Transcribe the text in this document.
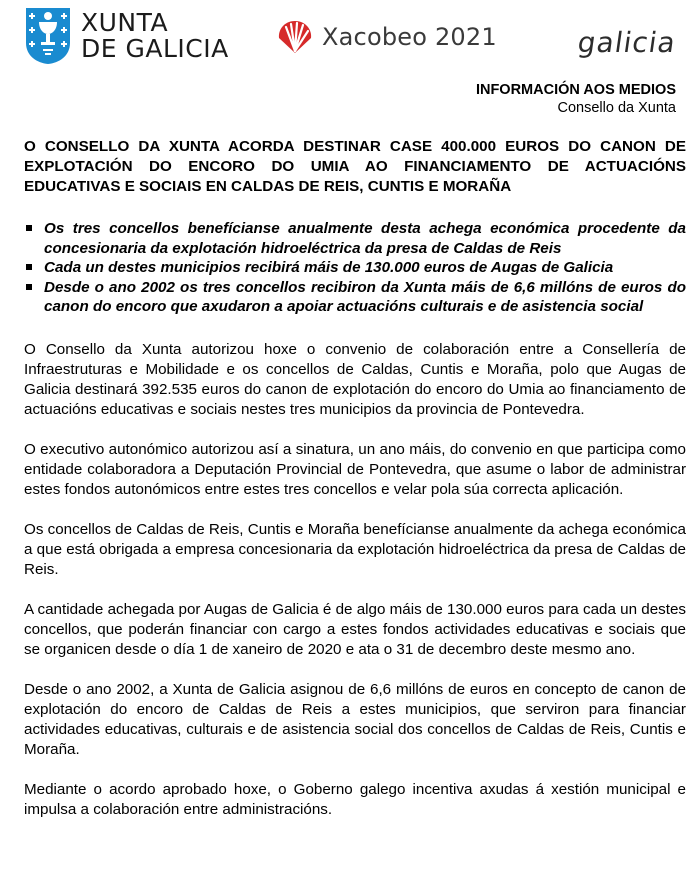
XUNTA
DE GALICIA	Xacobeo 2021	galicia
INFORMACIÓN AOS MEDIOS
Consello da Xunta
O CONSELLO DA XUNTA ACORDA DESTINAR CASE 400.000 EUROS DO CANON DE EXPLOTACIÓN DO ENCORO DO UMIA AO FINANCIAMENTO DE ACTUACIÓNS EDUCATIVAS E SOCIAIS EN CALDAS DE REIS, CUNTIS E MORAÑA
Os tres concellos benefícianse anualmente desta achega económica procedente da concesionaria da explotación hidroeléctrica da presa de Caldas de Reis
Cada un destes municipios recibirá máis de 130.000 euros de Augas de Galicia
Desde o ano 2002 os tres concellos recibiron da Xunta máis de 6,6 millóns de euros do canon do encoro que axudaron a apoiar actuacións culturais e de asistencia social

O Consello da Xunta autorizou hoxe o convenio de colaboración entre a Consellería de Infraestruturas e Mobilidade e os concellos de Caldas, Cuntis e Moraña, polo que Augas de Galicia destinará 392.535 euros do canon de explotación do encoro do Umia ao financiamento de actuacións educativas e sociais nestes tres municipios da provincia de Pontevedra.

O executivo autonómico autorizou así a sinatura, un ano máis, do convenio en que participa como entidade colaboradora a Deputación Provincial de Pontevedra, que asume o labor de administrar estes fondos autonómicos entre estes tres concellos e velar pola súa correcta aplicación.

Os concellos de Caldas de Reis, Cuntis e Moraña benefícianse anualmente da achega económica a que está obrigada a empresa concesionaria da explotación hidroeléctrica da presa de Caldas de Reis.

A cantidade achegada por Augas de Galicia é de algo máis de 130.000 euros para cada un destes concellos, que poderán financiar con cargo a estes fondos actividades educativas e sociais que se organicen desde o día 1 de xaneiro de 2020 e ata o 31 de decembro deste mesmo ano.

Desde o ano 2002, a Xunta de Galicia asignou de 6,6 millóns de euros en concepto de canon de explotación do encoro de Caldas de Reis a estes municipios, que serviron para financiar actividades educativas, culturais e de asistencia social dos concellos de Caldas de Reis, Cuntis e Moraña.

Mediante o acordo aprobado hoxe, o Goberno galego incentiva axudas á xestión municipal e impulsa a colaboración entre administracións.
